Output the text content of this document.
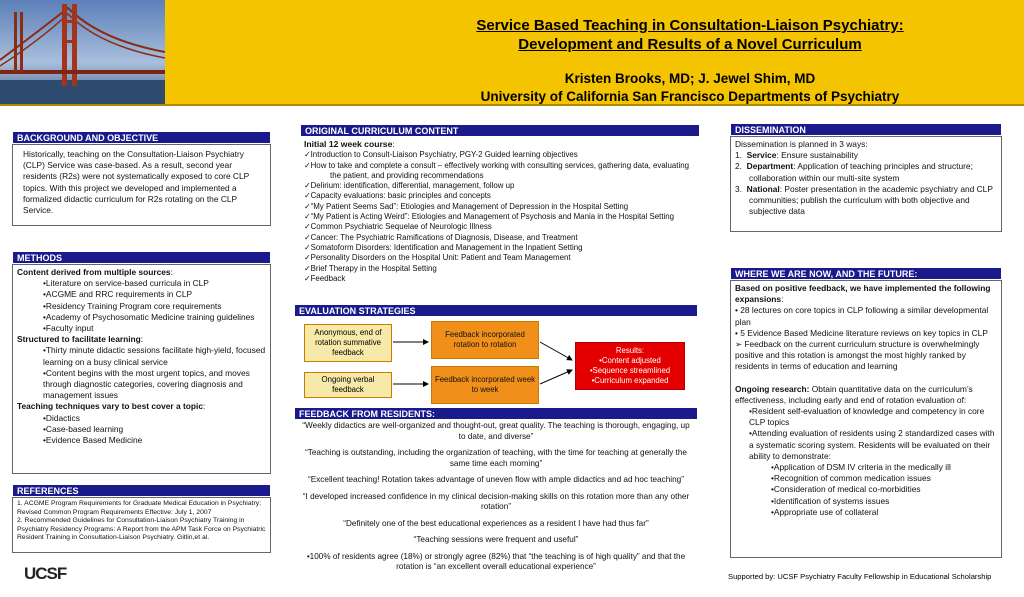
Service Based Teaching in Consultation-Liaison Psychiatry:
Development and Results of a Novel Curriculum
Kristen Brooks, MD; J. Jewel Shim, MD
University of California San Francisco Departments of Psychiatry
BACKGROUND AND OBJECTIVE
Historically, teaching on the Consultation-Liaison Psychiatry (CLP) Service was case-based. As a result, second year residents (R2s) were not systematically exposed to core CLP topics. With this project we developed and implemented a formalized didactic curriculum for R2s rotating on the CLP Service.
METHODS
Content derived from multiple sources:
•Literature on service-based curricula in CLP
•ACGME and RRC requirements in CLP
•Residency Training Program core requirements
•Academy of Psychosomatic Medicine training guidelines
•Faculty input
Structured to facilitate learning:
•Thirty minute didactic sessions facilitate high-yield, focused learning on a busy clinical service
•Content begins with the most urgent topics, and moves through diagnostic categories, covering diagnosis and management issues
Teaching techniques vary to best cover a topic:
•Didactics
•Case-based learning
•Evidence Based Medicine
REFERENCES
1. ACGME Program Requirements for Graduate Medical Education in Psychiatry; Revised Common Program Requirements Effective: July 1, 2007
2. Recommended Guidelines for Consultation-Liaison Psychiatry Training in Psychiatry Residency Programs: A Report from the APM Task Force on Psychiatric Resident Training in Consultation-Liaison Psychiatry. Gitlin,et al.
ORIGINAL CURRICULUM CONTENT
Initial 12 week course:
✓Introduction to Consult-Liaison Psychiatry, PGY-2 Guided learning objectives
✓How to take and complete a consult – effectively working with consulting services, gathering data, evaluating the patient, and providing recommendations
✓Delirium: identification, differential, management, follow up
✓Capacity evaluations: basic principles and concepts
✓“My Patient Seems Sad”: Etiologies and Management of Depression in the Hospital Setting
✓“My Patient is Acting Weird”: Etiologies and Management of Psychosis and Mania in the Hospital Setting
✓Common Psychiatric Sequelae of Neurologic Illness
✓Cancer: The Psychiatric Ramifications of Diagnosis, Disease, and Treatment
✓Somatoform Disorders: Identification and Management in the Inpatient Setting
✓Personality Disorders on the Hospital Unit: Patient and Team Management
✓Brief Therapy in the Hospital Setting
✓Feedback
EVALUATION STRATEGIES
Anonymous, end of rotation summative feedback
Ongoing verbal feedback
Feedback incorporated rotation to rotation
Feedback incorporated week to week
Results:
•Content adjusted
•Sequence streamlined
•Curriculum expanded
FEEDBACK FROM RESIDENTS:
“Weekly didactics are well-organized and thought-out, great quality. The teaching is thorough, engaging, up to date, and diverse”
“Teaching is outstanding, including the organization of teaching, with the time for teaching at generally the same time each morning”
“Excellent teaching! Rotation takes advantage of uneven flow with ample didactics and ad hoc teaching”
“I developed increased confidence in my clinical decision-making skills on this rotation more than any other rotation”
“Definitely one of the best educational experiences as a resident I have had thus far”
“Teaching sessions were frequent and useful”
•100% of residents agree (18%) or strongly agree (82%) that “the teaching is of high quality” and that the rotation is “an excellent overall educational experience”
DISSEMINATION
Dissemination is planned in 3 ways:
1. Service: Ensure sustainability
2. Department: Application of teaching principles and structure; collaboration within our multi-site system
3. National: Poster presentation in the academic psychiatry and CLP communities; publish the curriculum with both objective and subjective data
WHERE WE ARE NOW, AND THE FUTURE:
Based on positive feedback, we have implemented the following expansions:
• 28 lectures on core topics in CLP following a similar developmental plan
• 5 Evidence Based Medicine literature reviews on key topics in CLP
➢ Feedback on the current curriculum structure is overwhelmingly positive and this rotation is amongst the most highly ranked by residents in terms of education and learning
Ongoing research: Obtain quantitative data on the curriculum’s effectiveness, including early and end of rotation evaluation of:
•Resident self-evaluation of knowledge and competency in core CLP topics
•Attending evaluation of residents using 2 standardized cases with a systematic scoring system. Residents will be evaluated on their ability to demonstrate:
•Application of DSM IV criteria in the medically ill
•Recognition of common medication issues
•Consideration of medical co-morbidities
•Identification of systems issues
•Appropriate use of collateral
UCSF	Supported by: UCSF Psychiatry Faculty Fellowship in Educational Scholarship
